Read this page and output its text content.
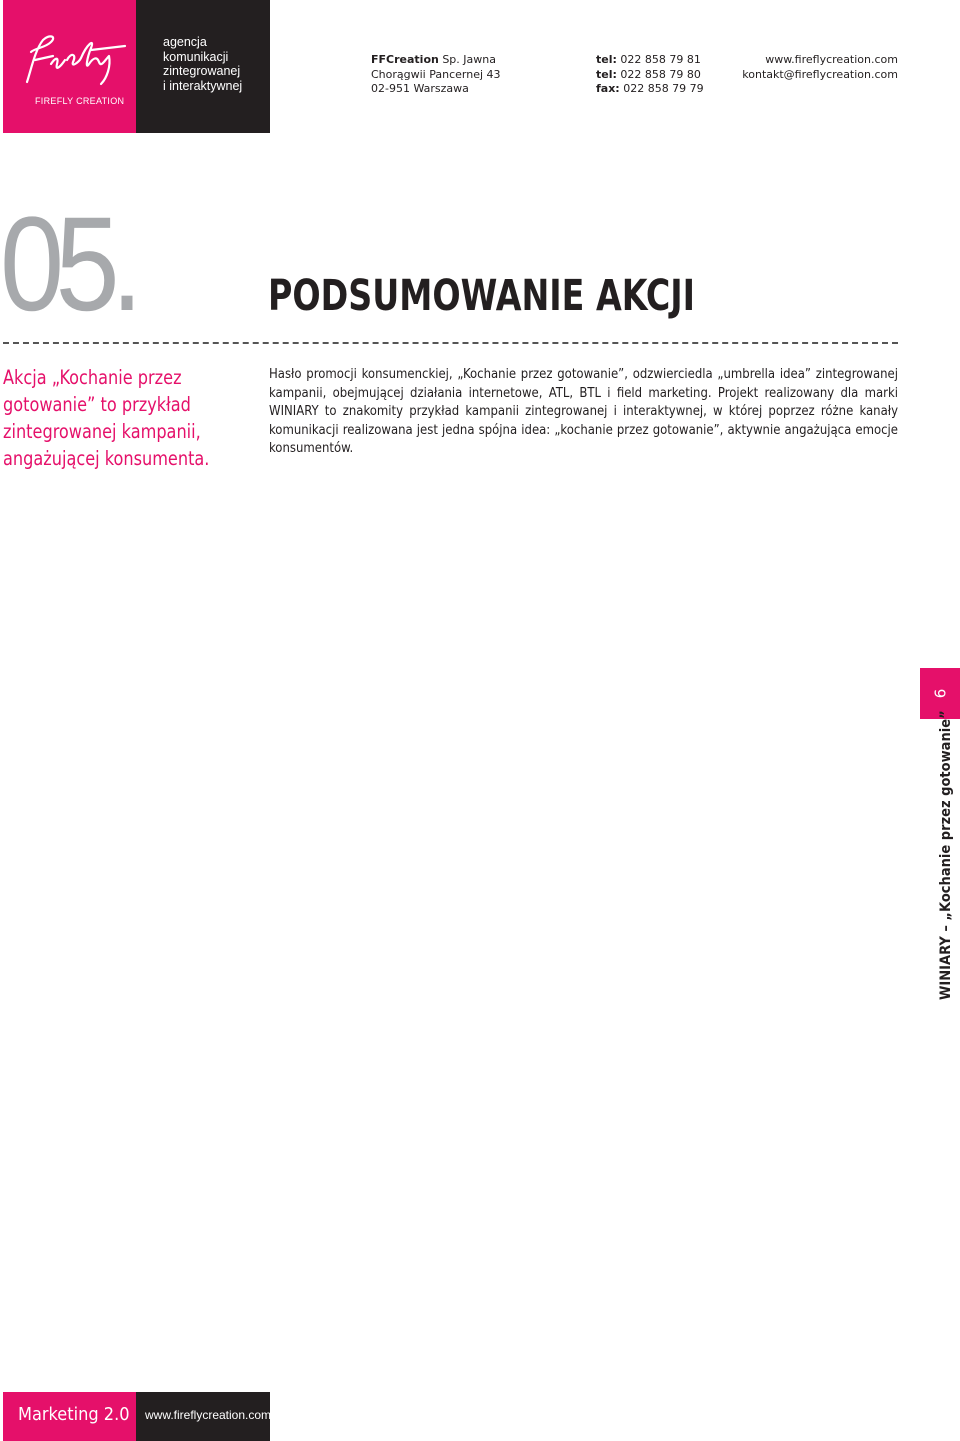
FIREFLY CREATION
agencja
komunikacji
zintegrowanej
i interaktywnej
FFCreation Sp. Jawna
Chorągwii Pancernej 43
02-951 Warszawa
tel: 022 858 79 81
tel: 022 858 79 80
fax: 022 858 79 79
www.fireflycreation.com
kontakt@fireflycreation.com
05.	PODSUMOWANIE AKCJI
Akcja „Kochanie przez gotowanie” to przykład zintegrowanej kampanii, angażującej konsumenta.
Hasło promocji konsumenckiej, „Kochanie przez gotowanie”, odzwierciedla „umbrella idea” zintegrowanej kampanii, obejmującej działania internetowe, ATL, BTL i field marketing. Projekt realizowany dla marki WINIARY to znakomity przykład kampanii zintegrowanej i interaktywnej, w której poprzez różne kanały komunikacji realizowana jest jedna spójna idea: „kochanie przez gotowanie”, aktywnie angażująca emocje konsumentów.
6
WINIARY – „Kochanie przez gotowanie”
Marketing 2.0 www.fireflycreation.com
